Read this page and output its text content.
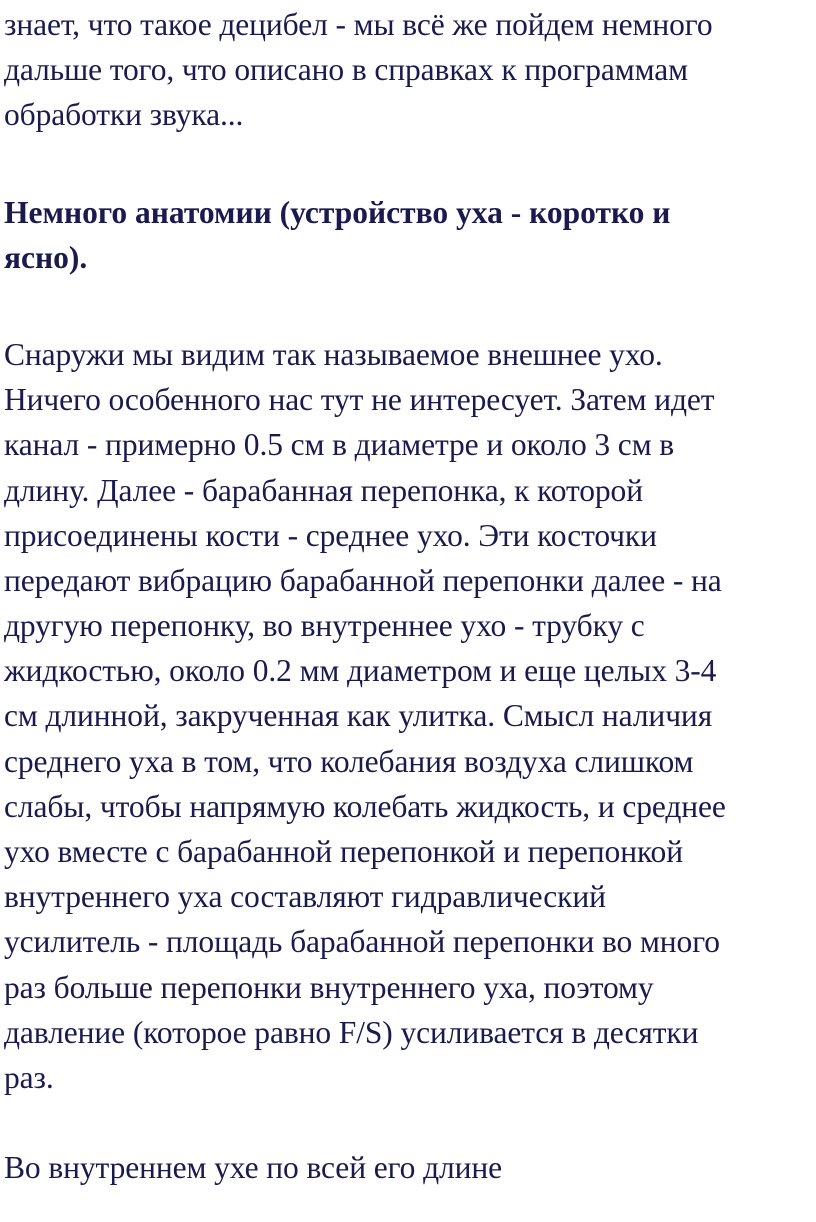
знает, что такое децибел - мы всё же пойдем немного
дальше того, что описано в справках к программам
обработки звука...
Немного анатомии (устройство уха - коротко и
ясно).
Снаружи мы видим так называемое внешнее ухо.
Ничего особенного нас тут не интересует. Затем идет
канал - примерно 0.5 см в диаметре и около 3 см в
длину. Далее - барабанная перепонка, к которой
присоединены кости - среднее ухо. Эти косточки
передают вибрацию барабанной перепонки далее - на
другую перепонку, во внутреннее ухо - трубку с
жидкостью, около 0.2 мм диаметром и еще целых 3-4
см длинной, закрученная как улитка. Смысл наличия
среднего уха в том, что колебания воздуха слишком
слабы, чтобы напрямую колебать жидкость, и среднее
ухо вместе с барабанной перепонкой и перепонкой
внутреннего уха составляют гидравлический
усилитель - площадь барабанной перепонки во много
раз больше перепонки внутреннего уха, поэтому
давление (которое равно F/S) усиливается в десятки
раз.
Во внутреннем ухе по всей его длине
